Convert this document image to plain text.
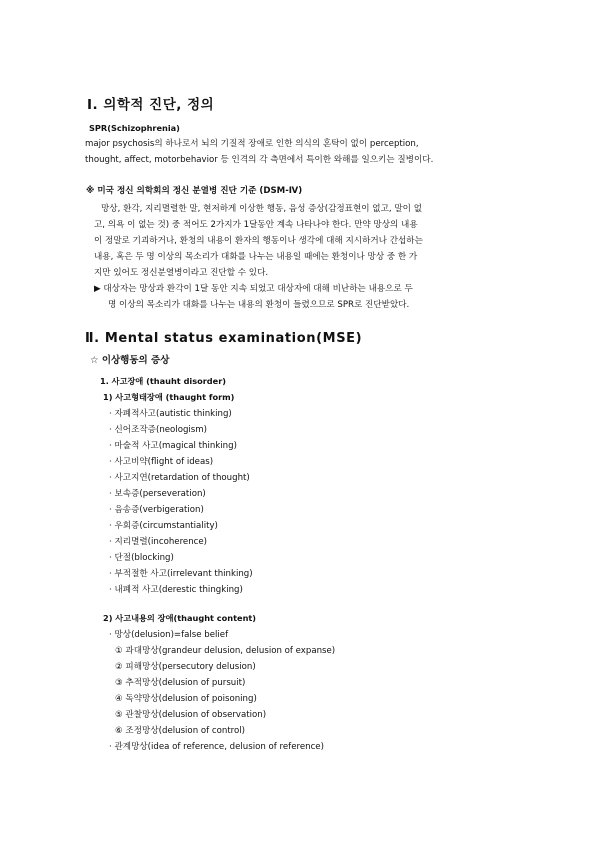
Ⅰ. 의학적 진단, 정의
SPR(Schizophrenia)
major psychosis의 하나로서 뇌의 기질적 장애로 인한 의식의 혼탁이 없이 perception,
thought, affect, motorbehavior 등 인격의 각 측면에서 특이한 와해를 일으키는 질병이다.
※ 미국 정신 의학회의 정신 분열병 진단 기준 (DSM-Ⅳ)
망상, 환각, 지리멸렬한 말, 현저하게 이상한 행동, 음성 증상(감정표현이 없고, 말이 없
고, 의욕 이 없는 것) 중 적어도 2가지가 1달동안 계속 나타나야 한다. 만약 망상의 내용
이 정말로 기괴하거나, 환청의 내용이 환자의 행동이나 생각에 대해 지시하거나 간섭하는
내용, 혹은 두 명 이상의 목소리가 대화를 나누는 내용일 때에는 환청이나 망상 중 한 가
지만 있어도 정신분열병이라고 진단할 수 있다.
▶ 대상자는 망상과 환각이 1달 동안 지속 되었고 대상자에 대해 비난하는 내용으로 두
명 이상의 목소리가 대화를 나누는 내용의 환청이 들렸으므로 SPR로 진단받았다.
Ⅱ. Mental status examination(MSE)
☆ 이상행동의 증상
1. 사고장애 (thauht disorder)
1) 사고형태장애 (thaught form)
· 자폐적사고(autistic thinking)
· 신어조작증(neologism)
· 마술적 사고(magical thinking)
· 사고비약(flight of ideas)
· 사고지연(retardation of thought)
· 보속증(perseveration)
· 음송증(verbigeration)
· 우회증(circumstantiality)
· 지리멸렬(incoherence)
· 단절(blocking)
· 부적절한 사고(irrelevant thinking)
· 내폐적 사고(derestic thingking)
2) 사고내용의 장애(thaught content)
· 망상(delusion)=false belief
① 과대망상(grandeur delusion, delusion of expanse)
② 피해망상(persecutory delusion)
③ 추적망상(delusion of pursuit)
④ 독약망상(delusion of poisoning)
⑤ 관찰망상(delusion of observation)
⑥ 조정망상(delusion of control)
· 관계망상(idea of reference, delusion of reference)
